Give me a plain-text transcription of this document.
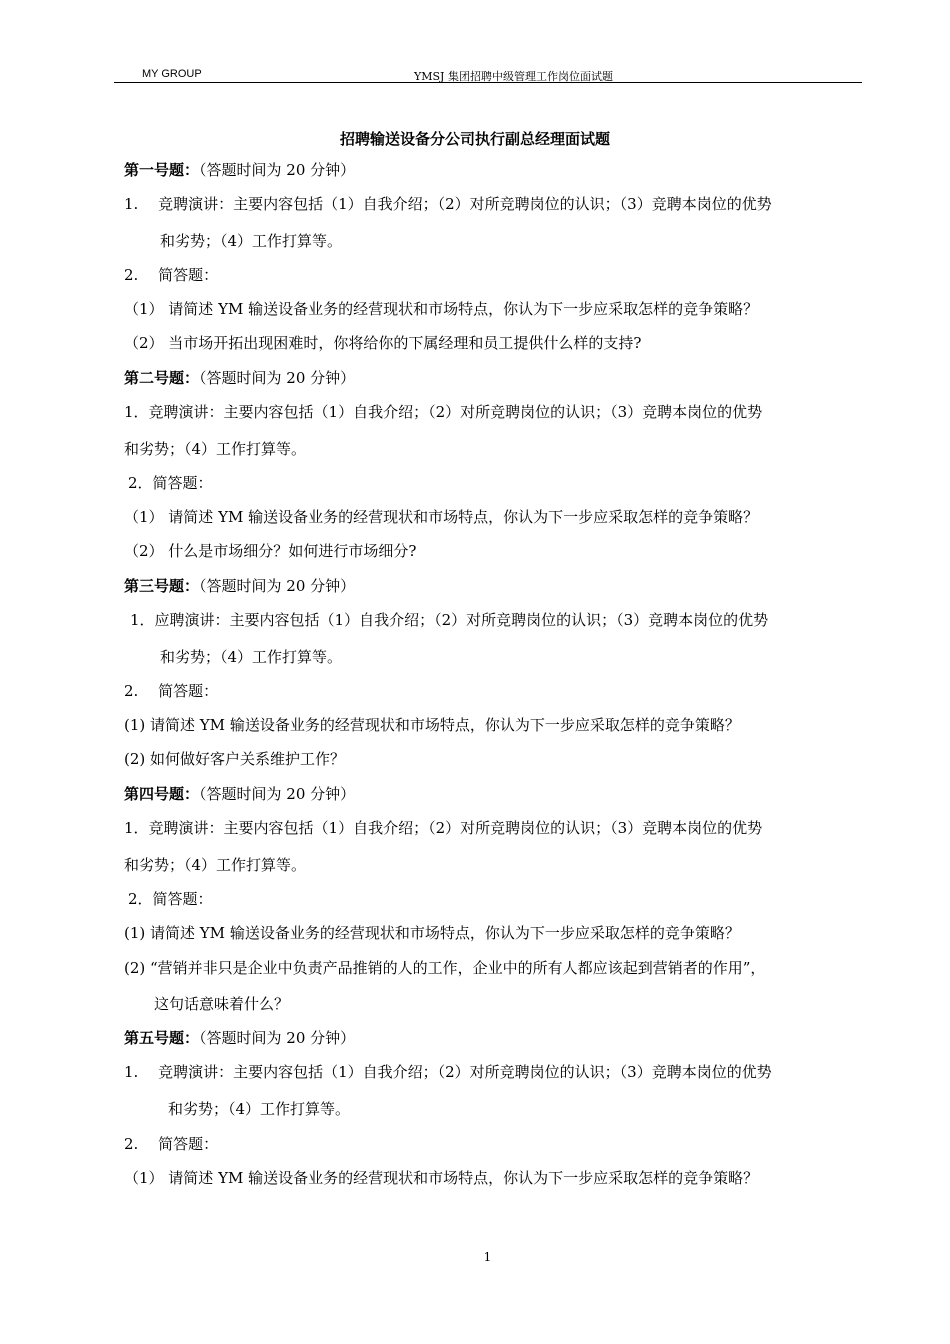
MY GROUP	YMSJ 集团招聘中级管理工作岗位面试题
招聘输送设备分公司执行副总经理面试题
第一号题：（答题时间为 20 分钟）
1.　 竞聘演讲：主要内容包括（1）自我介绍；（2）对所竞聘岗位的认识；（3）竞聘本岗位的优势
和劣势；（4）工作打算等。
2.　 简答题：
（1） 请简述 YM 输送设备业务的经营现状和市场特点，你认为下一步应采取怎样的竞争策略？
（2） 当市场开拓出现困难时，你将给你的下属经理和员工提供什么样的支持?
第二号题：（答题时间为 20 分钟）
1．竞聘演讲：主要内容包括（1）自我介绍；（2）对所竞聘岗位的认识；（3）竞聘本岗位的优势
和劣势；（4）工作打算等。
2．简答题：
（1） 请简述 YM 输送设备业务的经营现状和市场特点，你认为下一步应采取怎样的竞争策略？
（2） 什么是市场细分？如何进行市场细分?
第三号题：（答题时间为 20 分钟）
1．应聘演讲：主要内容包括（1）自我介绍；（2）对所竞聘岗位的认识；（3）竞聘本岗位的优势
和劣势；（4）工作打算等。
2.　 简答题：
(1) 请简述 YM 输送设备业务的经营现状和市场特点，你认为下一步应采取怎样的竞争策略？
(2) 如何做好客户关系维护工作？
第四号题：（答题时间为 20 分钟）
1．竞聘演讲：主要内容包括（1）自我介绍；（2）对所竞聘岗位的认识；（3）竞聘本岗位的优势
和劣势；（4）工作打算等。
2．简答题：
(1) 请简述 YM 输送设备业务的经营现状和市场特点，你认为下一步应采取怎样的竞争策略？
(2) “营销并非只是企业中负责产品推销的人的工作，企业中的所有人都应该起到营销者的作用”，
这句话意味着什么？
第五号题：（答题时间为 20 分钟）
1.　 竞聘演讲：主要内容包括（1）自我介绍；（2）对所竞聘岗位的认识；（3）竞聘本岗位的优势
和劣势；（4）工作打算等。
2.　 简答题：
（1） 请简述 YM 输送设备业务的经营现状和市场特点，你认为下一步应采取怎样的竞争策略？
1
